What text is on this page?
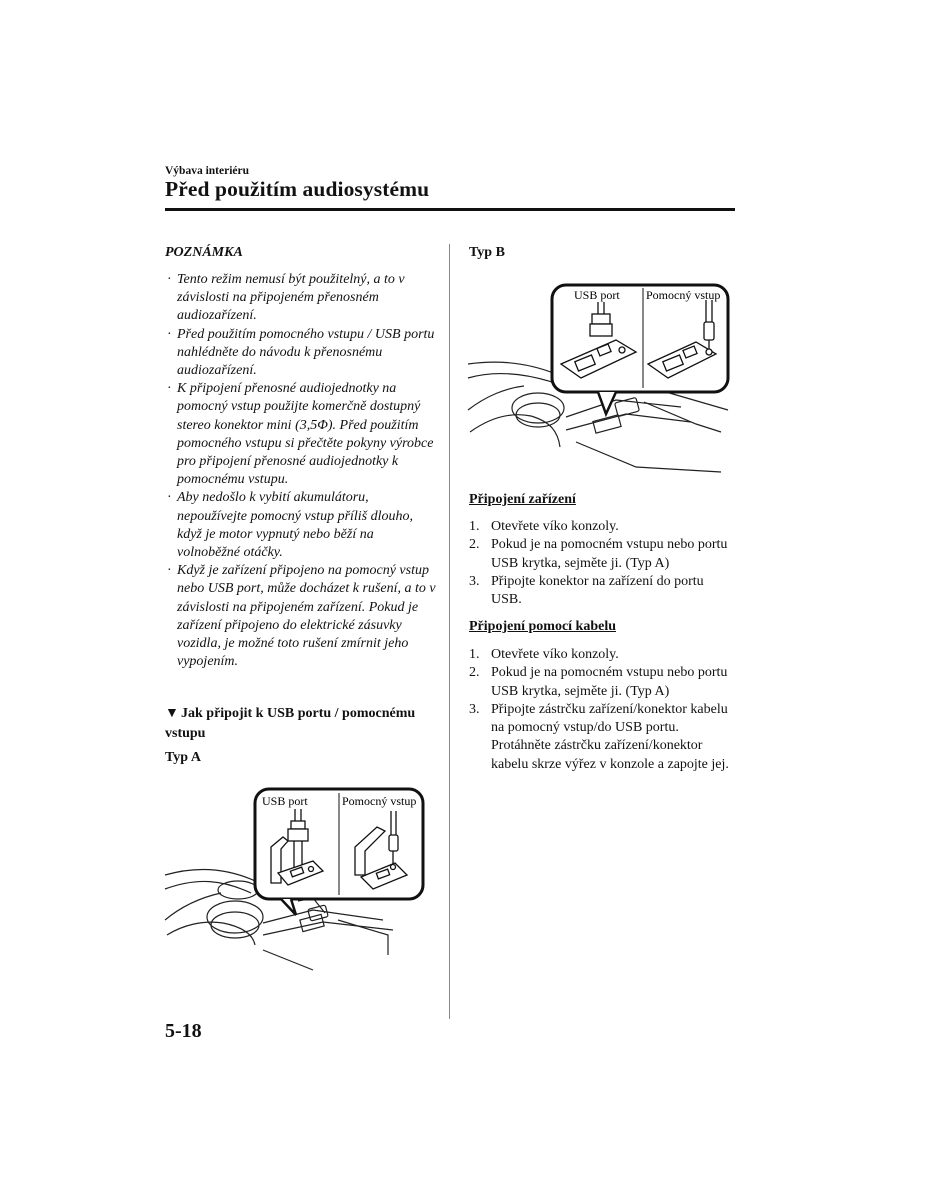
Výbava interiéru
Před použitím audiosystému
POZNÁMKA
· Tento režim nemusí být použitelný, a to v závislosti na připojeném přenosném audiozařízení.
· Před použitím pomocného vstupu / USB portu nahlédněte do návodu k přenosnému audiozařízení.
· K připojení přenosné audiojednotky na pomocný vstup použijte komerčně dostupný stereo konektor mini (3,5Φ). Před použitím pomocného vstupu si přečtěte pokyny výrobce pro připojení přenosné audiojednotky k pomocnému vstupu.
· Aby nedošlo k vybití akumulátoru, nepoužívejte pomocný vstup příliš dlouho, když je motor vypnutý nebo běží na volnoběžné otáčky.
· Když je zařízení připojeno na pomocný vstup nebo USB port, může docházet k rušení, a to v závislosti na připojeném zařízení. Pokud je zařízení připojeno do elektrické zásuvky vozidla, je možné toto rušení zmírnit jeho vypojením.
▼ Jak připojit k USB portu / pomocnému vstupu
Typ A
USB port	Pomocný vstup
Typ B
USB port Pomocný vstup
Připojení zařízení
1. Otevřete víko konzoly.
2. Pokud je na pomocném vstupu nebo portu USB krytka, sejměte ji. (Typ A)
3. Připojte konektor na zařízení do portu USB.
Připojení pomocí kabelu
1. Otevřete víko konzoly.
2. Pokud je na pomocném vstupu nebo portu USB krytka, sejměte ji. (Typ A)
3. Připojte zástrčku zařízení/konektor kabelu na pomocný vstup/do USB portu. Protáhněte zástrčku zařízení/konektor kabelu skrze výřez v konzole a zapojte jej.
5-18
